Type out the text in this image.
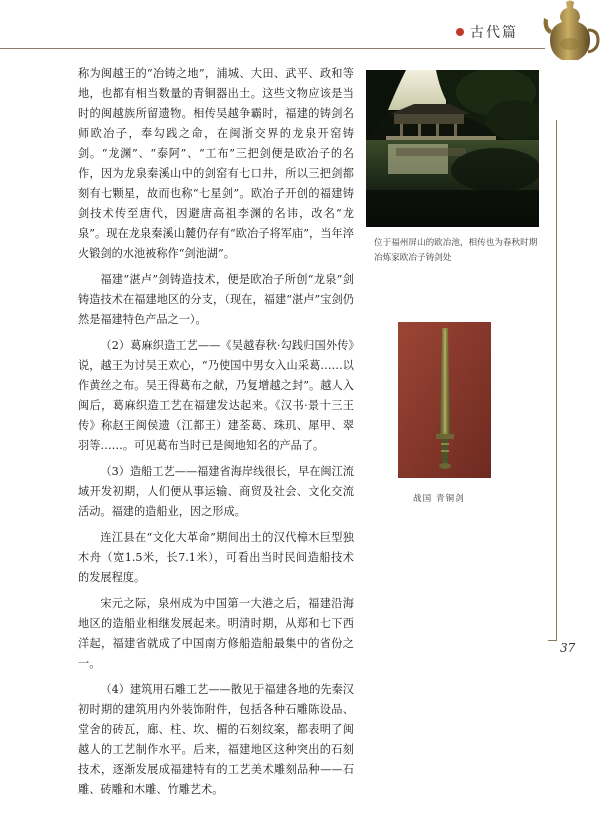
古代篇

称为闽越王的“冶铸之地”，浦城、大田、武平、政和等地，也都有相当数量的青铜器出土。这些文物应该是当时的闽越族所留遗物。相传吴越争霸时，福建的铸剑名师欧冶子，奉勾践之命，在闽浙交界的龙泉开窑铸剑。“龙渊”、“泰阿”、“工布”三把剑便是欧冶子的名作，因为龙泉秦溪山中的剑窑有七口井，所以三把剑都刻有七颗星，故而也称“七星剑”。欧冶子开创的福建铸剑技术传至唐代，因避唐高祖李渊的名讳，改名“龙泉”。现在龙泉秦溪山麓仍存有“欧冶子将军庙”，当年淬火锻剑的水池被称作“剑池湖”。

福建“湛卢”剑铸造技术，便是欧冶子所创“龙泉”剑铸造技术在福建地区的分支，（现在，福建“湛卢”宝剑仍然是福建特色产品之一）。

（2）葛麻织造工艺——《吴越春秋·勾践归国外传》说，越王为讨吴王欢心，“乃使国中男女入山采葛……以作黄丝之布。吴王得葛布之献，乃复增越之封”。越人入闽后，葛麻织造工艺在福建发达起来。《汉书·景十三王传》称赵王闽侯遗（江都王）建荃葛、珠玑、犀甲、翠羽等……。可见葛布当时已是闽地知名的产品了。

（3）造船工艺——福建省海岸线很长，早在闽江流域开发初期，人们便从事运输、商贸及社会、文化交流活动。福建的造船业，因之形成。

连江县在“文化大革命”期间出土的汉代樟木巨型独木舟（宽1.5米，长7.1米），可看出当时民间造船技术的发展程度。

宋元之际，泉州成为中国第一大港之后，福建沿海地区的造船业相继发展起来。明清时期，从郑和七下西洋起，福建省就成了中国南方修船造船最集中的省份之一。

（4）建筑用石雕工艺——散见于福建各地的先秦汉初时期的建筑用内外装饰附件，包括各种石雕陈设品、堂舍的砖瓦，廊、柱、坎、楣的石刻纹案，都表明了闽越人的工艺制作水平。后来，福建地区这种突出的石刻技术，逐渐发展成福建特有的工艺美术雕刻品种——石雕、砖雕和木雕、竹雕艺术。

位于福州屏山的欧冶池，相传也为春秋时期冶炼家欧冶子铸剑处
战国 青铜剑
37
